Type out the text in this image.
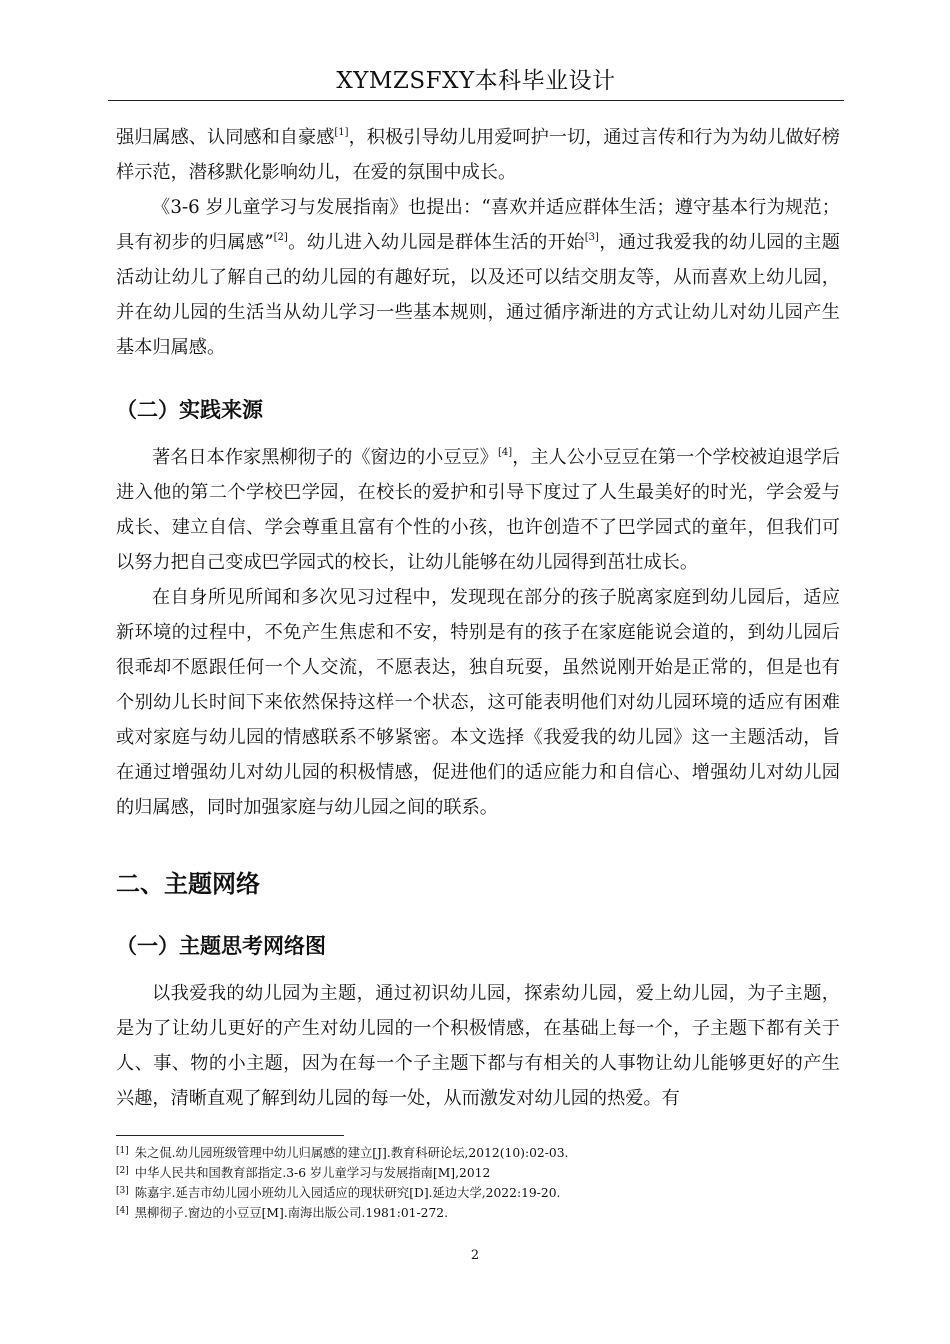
XYMZSFXY本科毕业设计

强归属感、认同感和自豪感[1]，积极引导幼儿用爱呵护一切，通过言传和行为为幼儿做好榜样示范，潜移默化影响幼儿，在爱的氛围中成长。

《3-6 岁儿童学习与发展指南》也提出：“喜欢并适应群体生活；遵守基本行为规范；具有初步的归属感”[2]。幼儿进入幼儿园是群体生活的开始[3]，通过我爱我的幼儿园的主题活动让幼儿了解自己的幼儿园的有趣好玩，以及还可以结交朋友等，从而喜欢上幼儿园，并在幼儿园的生活当从幼儿学习一些基本规则，通过循序渐进的方式让幼儿对幼儿园产生基本归属感。

（二）实践来源

著名日本作家黑柳彻子的《窗边的小豆豆》[4]，主人公小豆豆在第一个学校被迫退学后进入他的第二个学校巴学园，在校长的爱护和引导下度过了人生最美好的时光，学会爱与成长、建立自信、学会尊重且富有个性的小孩，也许创造不了巴学园式的童年，但我们可以努力把自己变成巴学园式的校长，让幼儿能够在幼儿园得到茁壮成长。

在自身所见所闻和多次见习过程中，发现现在部分的孩子脱离家庭到幼儿园后，适应新环境的过程中，不免产生焦虑和不安，特别是有的孩子在家庭能说会道的，到幼儿园后很乖却不愿跟任何一个人交流，不愿表达，独自玩耍，虽然说刚开始是正常的，但是也有个别幼儿长时间下来依然保持这样一个状态，这可能表明他们对幼儿园环境的适应有困难或对家庭与幼儿园的情感联系不够紧密。本文选择《我爱我的幼儿园》这一主题活动，旨在通过增强幼儿对幼儿园的积极情感，促进他们的适应能力和自信心、增强幼儿对幼儿园的归属感，同时加强家庭与幼儿园之间的联系。

二、主题网络
（一）主题思考网络图

以我爱我的幼儿园为主题，通过初识幼儿园，探索幼儿园，爱上幼儿园，为子主题，是为了让幼儿更好的产生对幼儿园的一个积极情感，在基础上每一个，子主题下都有关于人、事、物的小主题，因为在每一个子主题下都与有相关的人事物让幼儿能够更好的产生兴趣，清晰直观了解到幼儿园的每一处，从而激发对幼儿园的热爱。有

[1] 朱之侃.幼儿园班级管理中幼儿归属感的建立[J].教育科研论坛,2012(10):02-03.
[2] 中华人民共和国教育部指定.3-6 岁儿童学习与发展指南[M],2012
[3] 陈嘉宇.延吉市幼儿园小班幼儿入园适应的现状研究[D].延边大学,2022:19-20.
[4] 黑柳彻子.窗边的小豆豆[M].南海出版公司.1981:01-272.
2
